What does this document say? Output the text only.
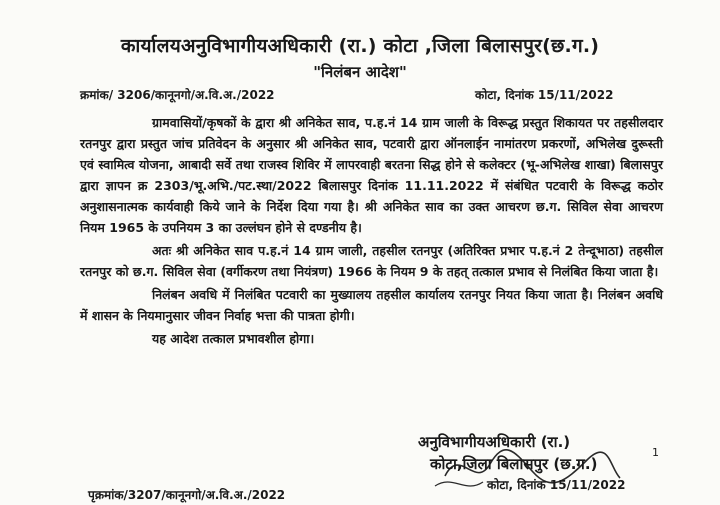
कार्यालयअनुविभागीयअधिकारी (रा.) कोटा ,जिला बिलासपुर(छ.ग.)
"निलंबन आदेश"
क्रमांक/ 3206/कानूनगो/अ.वि.अ./2022	कोटा, दिनांक 15/11/2022

ग्रामवासियों/कृषकों के द्वारा श्री अनिकेत साव, प.ह.नं 14 ग्राम जाली के विरूद्ध प्रस्तुत शिकायत पर तहसीलदार रतनपुर द्वारा प्रस्तुत जांच प्रतिवेदन के अनुसार श्री अनिकेत साव, पटवारी द्वारा ऑनलाईन नामांतरण प्रकरणों, अभिलेख दुरूस्ती एवं स्वामित्व योजना, आबादी सर्वे तथा राजस्व शिविर में लापरवाही बरतना सिद्ध होने से कलेक्टर (भू-अभिलेख शाखा) बिलासपुर द्वारा ज्ञापन क्र 2303/भू.अभि./पट.स्था/2022 बिलासपुर दिनांक 11.11.2022 में संबंधित पटवारी के विरूद्ध कठोर अनुशासनात्मक कार्यवाही किये जाने के निर्देश दिया गया है। श्री अनिकेत साव का उक्त आचरण छ.ग. सिविल सेवा आचरण नियम 1965 के उपनियम 3 का उल्लंघन होने से दण्डनीय है।

अतः श्री अनिकेत साव प.ह.नं 14 ग्राम जाली, तहसील रतनपुर (अतिरिक्त प्रभार प.ह.नं 2 तेन्दूभाठा) तहसील रतनपुर को छ.ग. सिविल सेवा (वर्गीकरण तथा नियंत्रण) 1966 के नियम 9 के तहत् तत्काल प्रभाव से निलंबित किया जाता है।

निलंबन अवधि में निलंबित पटवारी का मुख्यालय तहसील कार्यालय रतनपुर नियत किया जाता है। निलंबन अवधि में शासन के नियमानुसार जीवन निर्वाह भत्ता की पात्रता होगी।

यह आदेश तत्काल प्रभावशील होगा।

1
अनुविभागीयअधिकारी (रा.)
कोटा,जिला बिलासपुर (छ.ग.)
कोटा, दिनांक 15/11/2022
पृक्रमांक/3207/कानूनगो/अ.वि.अ./2022
